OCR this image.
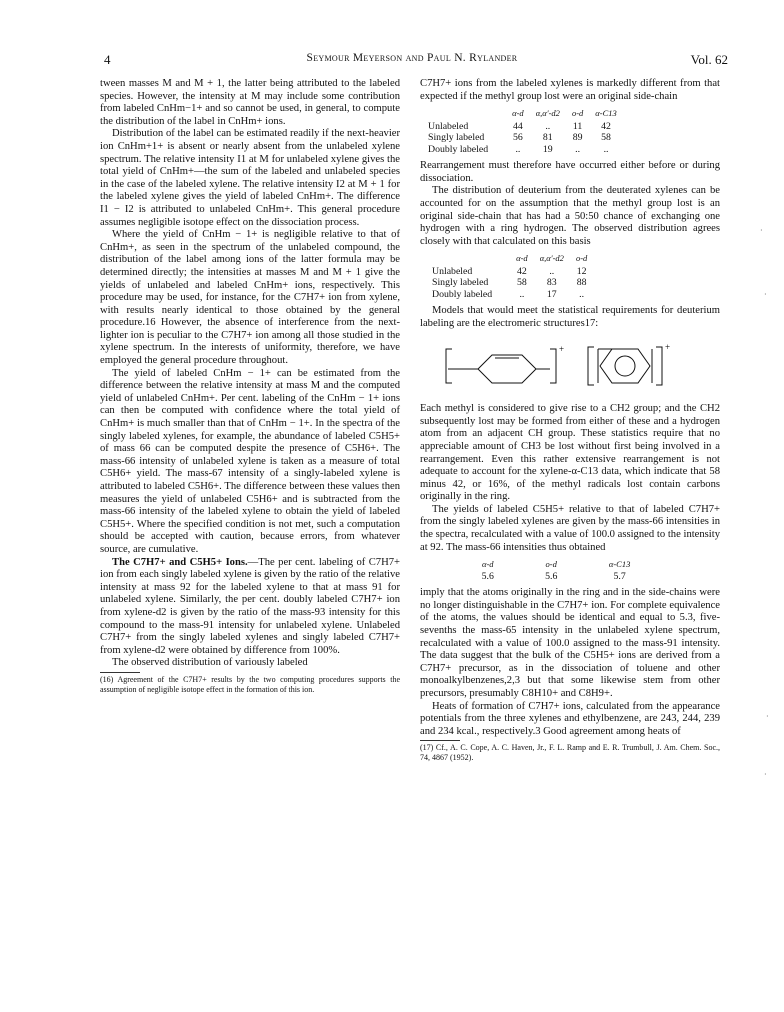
4	Seymour Meyerson and Paul N. Rylander	Vol. 62

tween masses M and M + 1, the latter being attributed to the labeled species. However, the intensity at M may include some contribution from labeled CnHm−1+ and so cannot be used, in general, to compute the distribution of the label in CnHm+ ions.

Distribution of the label can be estimated readily if the next-heavier ion CnHm+1+ is absent or nearly absent from the unlabeled xylene spectrum. The relative intensity I1 at M for unlabeled xylene gives the total yield of CnHm+—the sum of the labeled and unlabeled species in the case of the labeled xylene. The relative intensity I2 at M + 1 for the labeled xylene gives the yield of labeled CnHm+. The difference I1 − I2 is attributed to unlabeled CnHm+. This general procedure assumes negligible isotope effect on the dissociation process.

Where the yield of CnHm − 1+ is negligible relative to that of CnHm+, as seen in the spectrum of the unlabeled compound, the distribution of the label among ions of the latter formula may be determined directly; the intensities at masses M and M + 1 give the yields of unlabeled and labeled CnHm+ ions, respectively. This procedure may be used, for instance, for the C7H7+ ion from xylene, with results nearly identical to those obtained by the general procedure.16 However, the absence of interference from the next-lighter ion is peculiar to the C7H7+ ion among all those studied in the xylene spectrum. In the interests of uniformity, therefore, we have employed the general procedure throughout.

The yield of labeled CnHm − 1+ can be estimated from the difference between the relative intensity at mass M and the computed yield of unlabeled CnHm+. Per cent. labeling of the CnHm − 1+ ions can then be computed with confidence where the total yield of CnHm+ is much smaller than that of CnHm − 1+. In the spectra of the singly labeled xylenes, for example, the abundance of labeled C5H5+ of mass 66 can be computed despite the presence of C5H6+. The mass-66 intensity of unlabeled xylene is taken as a measure of total C5H6+ yield. The mass-67 intensity of a singly-labeled xylene is attributed to labeled C5H6+. The difference between these values then measures the yield of unlabeled C5H6+ and is subtracted from the mass-66 intensity of the labeled xylene to obtain the yield of labeled C5H5+. Where the specified condition is not met, such a computation should be accepted with caution, because errors, from whatever source, are cumulative.

The C7H7+ and C5H5+ Ions.—The per cent. labeling of C7H7+ ion from each singly labeled xylene is given by the ratio of the relative intensity at mass 92 for the labeled xylene to that at mass 91 for unlabeled xylene. Similarly, the per cent. doubly labeled C7H7+ ion from xylene-d2 is given by the ratio of the mass-93 intensity for this compound to the mass-91 intensity for unlabeled xylene. Unlabeled C7H7+ from the singly labeled xylenes and singly labeled C7H7+ from xylene-d2 were obtained by difference from 100%.

The observed distribution of variously labeled

(16) Agreement of the C7H7+ results by the two computing procedures supports the assumption of negligible isotope effect in the formation of this ion.

C7H7+ ions from the labeled xylenes is markedly different from that expected if the methyl group lost were an original side-chain

	α-d	α,α′-d2	o-d	α-C13
Unlabeled	44	..	11	42
Singly labeled	56	81	89	58
Doubly labeled	..	19	..	..

Rearrangement must therefore have occurred either before or during dissociation.

The distribution of deuterium from the deuterated xylenes can be accounted for on the assumption that the methyl group lost is an original side-chain that has had a 50:50 chance of exchanging one hydrogen with a ring hydrogen. The observed distribution agrees closely with that calculated on this basis

	α-d	α,α′-d2	o-d
Unlabeled	42	..	12
Singly labeled	58	83	88
Doubly labeled	..	17	..

Models that would meet the statistical requirements for deuterium labeling are the electromeric structures17:

+	+

Each methyl is considered to give rise to a CH2 group; and the CH2 subsequently lost may be formed from either of these and a hydrogen atom from an adjacent CH group. These statistics require that no appreciable amount of CH3 be lost without first being involved in a rearrangement. Even this rather extensive rearrangement is not adequate to account for the xylene-α-C13 data, which indicate that 58 minus 42, or 16%, of the methyl radicals lost contain carbons originally in the ring.

The yields of labeled C5H5+ relative to that of labeled C7H7+ from the singly labeled xylenes are given by the mass-66 intensities in the spectra, recalculated with a value of 100.0 assigned to the intensity at 92. The mass-66 intensities thus obtained

α-d	o-d	α-C13
5.6	5.6	5.7

imply that the atoms originally in the ring and in the side-chains were no longer distinguishable in the C7H7+ ion. For complete equivalence of the atoms, the values should be identical and equal to 5.3, five-sevenths the mass-65 intensity in the unlabeled xylene spectrum, recalculated with a value of 100.0 assigned to the mass-91 intensity. The data suggest that the bulk of the C5H5+ ions are derived from a C7H7+ precursor, as in the dissociation of toluene and other monoalkylbenzenes,2,3 but that some likewise stem from other precursors, presumably C8H10+ and C8H9+.

Heats of formation of C7H7+ ions, calculated from the appearance potentials from the three xylenes and ethylbenzene, are 243, 244, 239 and 234 kcal., respectively.3 Good agreement among heats of

(17) Cf., A. C. Cope, A. C. Haven, Jr., F. L. Ramp and E. R. Trumbull, J. Am. Chem. Soc., 74, 4867 (1952).

·
·
·
·
